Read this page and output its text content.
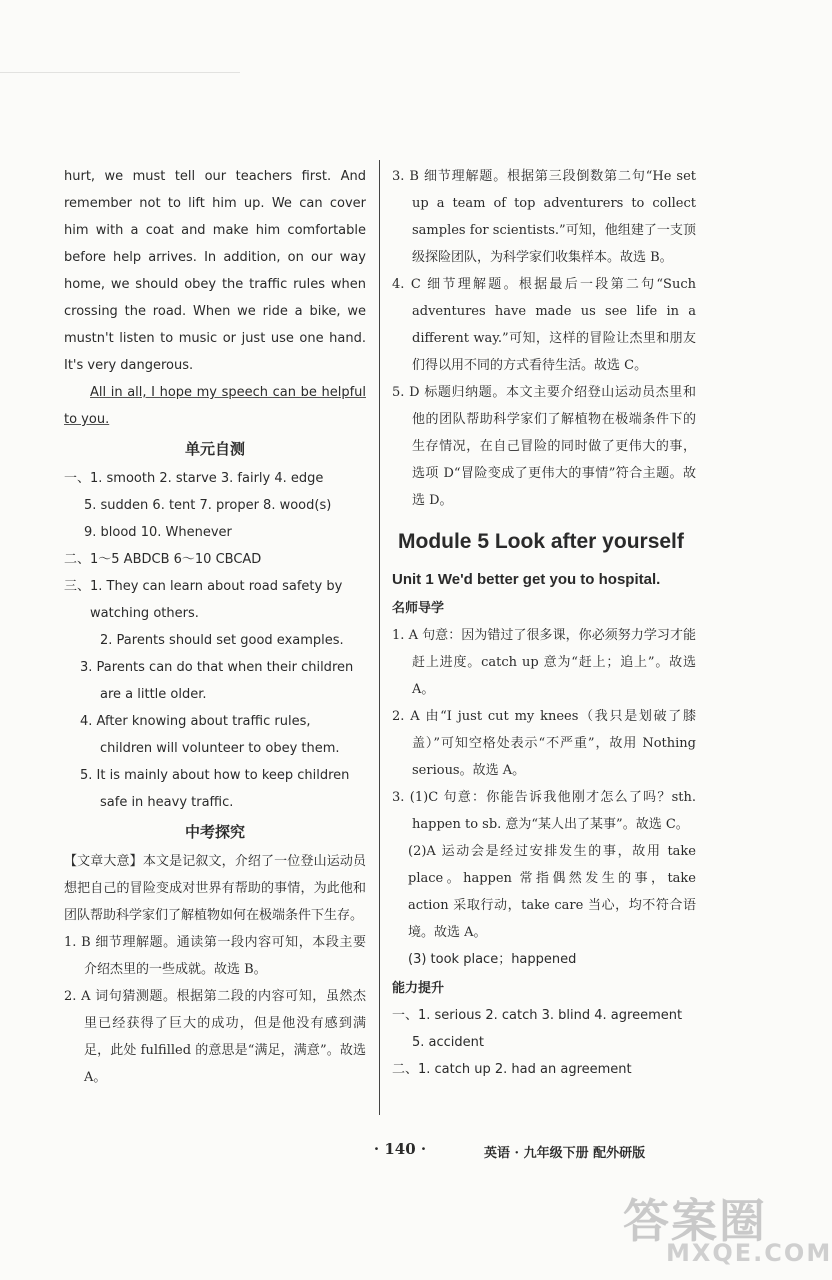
hurt, we must tell our teachers first. And remember not to lift him up. We can cover him with a coat and make him comfortable before help arrives. In addition, on our way home, we should obey the traffic rules when crossing the road. When we ride a bike, we mustn't listen to music or just use one hand. It's very dangerous.
All in all, I hope my speech can be helpful to you.
单元自测
一、1. smooth 2. starve 3. fairly 4. edge
5. sudden 6. tent 7. proper 8. wood(s)
9. blood 10. Whenever
二、1～5 ABDCB 6～10 CBCAD
三、1. They can learn about road safety by watching others.
2. Parents should set good examples.
3. Parents can do that when their children are a little older.
4. After knowing about traffic rules, children will volunteer to obey them.
5. It is mainly about how to keep children safe in heavy traffic.
中考探究
【文章大意】本文是记叙文，介绍了一位登山运动员想把自己的冒险变成对世界有帮助的事情，为此他和团队帮助科学家们了解植物如何在极端条件下生存。
1. B 细节理解题。通读第一段内容可知，本段主要介绍杰里的一些成就。故选 B。
2. A 词句猜测题。根据第二段的内容可知，虽然杰里已经获得了巨大的成功，但是他没有感到满足，此处 fulfilled 的意思是“满足，满意”。故选 A。
3. B 细节理解题。根据第三段倒数第二句“He set up a team of top adventurers to collect samples for scientists.”可知，他组建了一支顶级探险团队，为科学家们收集样本。故选 B。
4. C 细节理解题。根据最后一段第二句“Such adventures have made us see life in a different way.”可知，这样的冒险让杰里和朋友们得以用不同的方式看待生活。故选 C。
5. D 标题归纳题。本文主要介绍登山运动员杰里和他的团队帮助科学家们了解植物在极端条件下的生存情况，在自己冒险的同时做了更伟大的事，选项 D“冒险变成了更伟大的事情”符合主题。故选 D。
Module 5 Look after yourself
Unit 1 We'd better get you to hospital.
名师导学
1. A 句意：因为错过了很多课，你必须努力学习才能赶上进度。catch up 意为“赶上；追上”。故选 A。
2. A 由“I just cut my knees（我只是划破了膝盖）”可知空格处表示“不严重”，故用 Nothing serious。故选 A。
3. (1)C 句意：你能告诉我他刚才怎么了吗？sth. happen to sb. 意为“某人出了某事”。故选 C。
(2)A 运动会是经过安排发生的事，故用 take place。happen 常指偶然发生的事，take action 采取行动，take care 当心，均不符合语境。故选 A。
(3) took place；happened
能力提升
一、1. serious 2. catch 3. blind 4. agreement
5. accident
二、1. catch up 2. had an agreement
· 140 ·	英语 · 九年级下册 配外研版
答案圈
MXQE.COM
